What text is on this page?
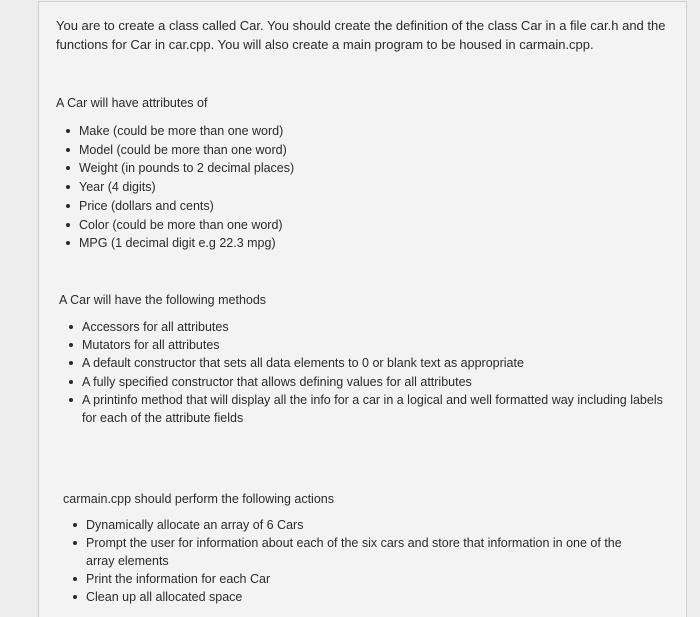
You are to create a class called Car. You should create the definition of the class Car in a file car.h and the functions for Car in car.cpp. You will also create a main program to be housed in carmain.cpp.

A Car will have attributes of

Make (could be more than one word)
Model (could be more than one word)
Weight (in pounds to 2 decimal places)
Year (4 digits)
Price (dollars and cents)
Color (could be more than one word)
MPG (1 decimal digit e.g 22.3 mpg)

A Car will have the following methods

Accessors for all attributes
Mutators for all attributes
A default constructor that sets all data elements to 0 or blank text as appropriate
A fully specified constructor that allows defining values for all attributes
A printinfo method that will display all the info for a car in a logical and well formatted way including labels for each of the attribute fields

carmain.cpp should perform the following actions

Dynamically allocate an array of 6 Cars
Prompt the user for information about each of the six cars and store that information in one of the array elements
Print the information for each Car
Clean up all allocated space
